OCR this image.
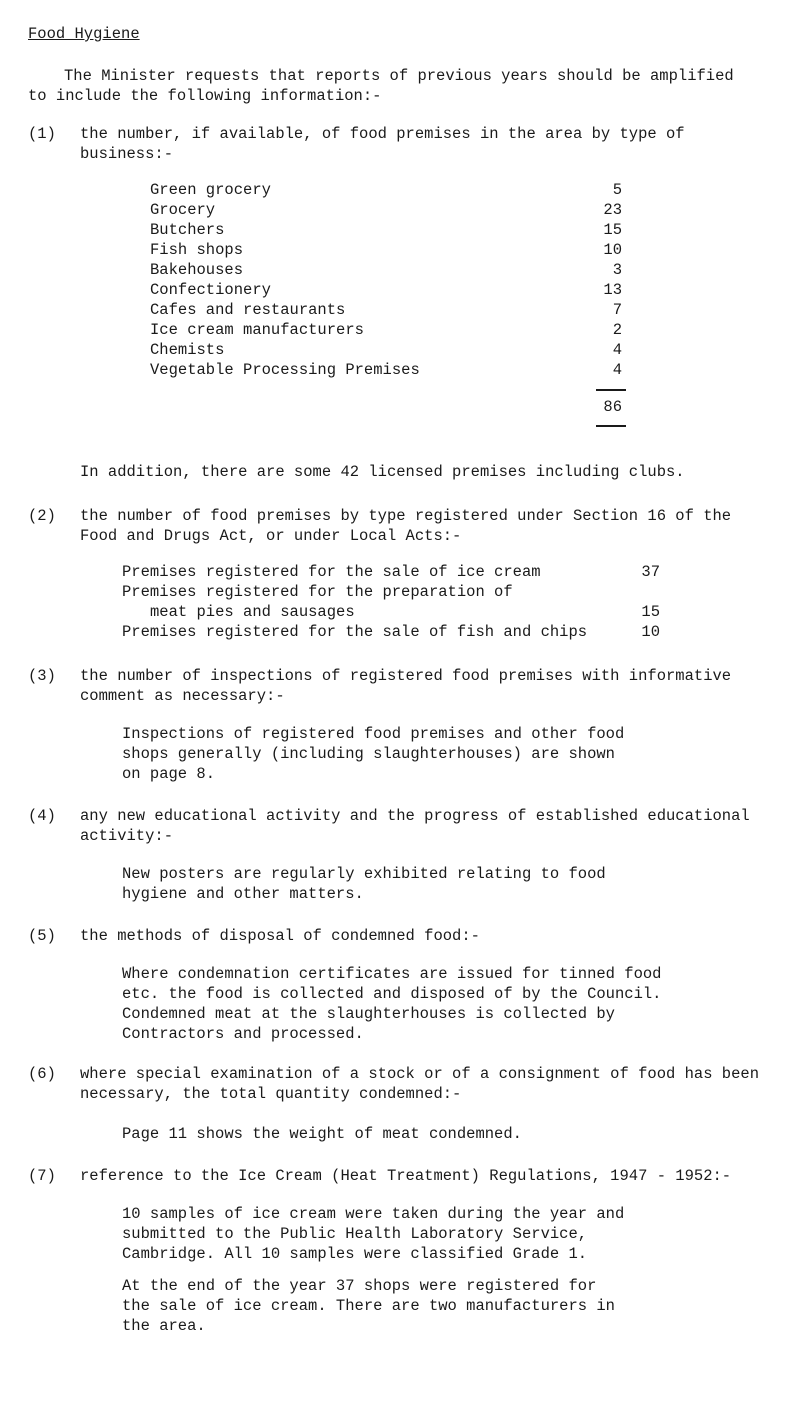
Food Hygiene
The Minister requests that reports of previous years should be amplified
to include the following information:-
(1) the number, if available, of food premises in the area by type of
business:-
Green grocery
Grocery
Butchers
Fish shops
Bakehouses
Confectionery
Cafes and restaurants
Ice cream manufacturers
Chemists
Vegetable Processing Premises
5
23
15
10
3
13
7
2
4
4
86
In addition, there are some 42 licensed premises including clubs.
(2) the number of food premises by type registered under Section 16 of the
Food and Drugs Act, or under Local Acts:-
Premises registered for the sale of ice cream
Premises registered for the preparation of
meat pies and sausages
Premises registered for the sale of fish and chips
37
15
10
(3) the number of inspections of registered food premises with informative
comment as necessary:-
Inspections of registered food premises and other food
shops generally (including slaughterhouses) are shown
on page 8.
(4) any new educational activity and the progress of established educational
activity:-
New posters are regularly exhibited relating to food
hygiene and other matters.
(5) the methods of disposal of condemned food:-
Where condemnation certificates are issued for tinned food
etc. the food is collected and disposed of by the Council.
Condemned meat at the slaughterhouses is collected by
Contractors and processed.
(6) where special examination of a stock or of a consignment of food has been
necessary, the total quantity condemned:-
Page 11 shows the weight of meat condemned.
(7) reference to the Ice Cream (Heat Treatment) Regulations, 1947 - 1952:-
10 samples of ice cream were taken during the year and
submitted to the Public Health Laboratory Service,
Cambridge. All 10 samples were classified Grade 1.
At the end of the year 37 shops were registered for
the sale of ice cream. There are two manufacturers in
the area.
